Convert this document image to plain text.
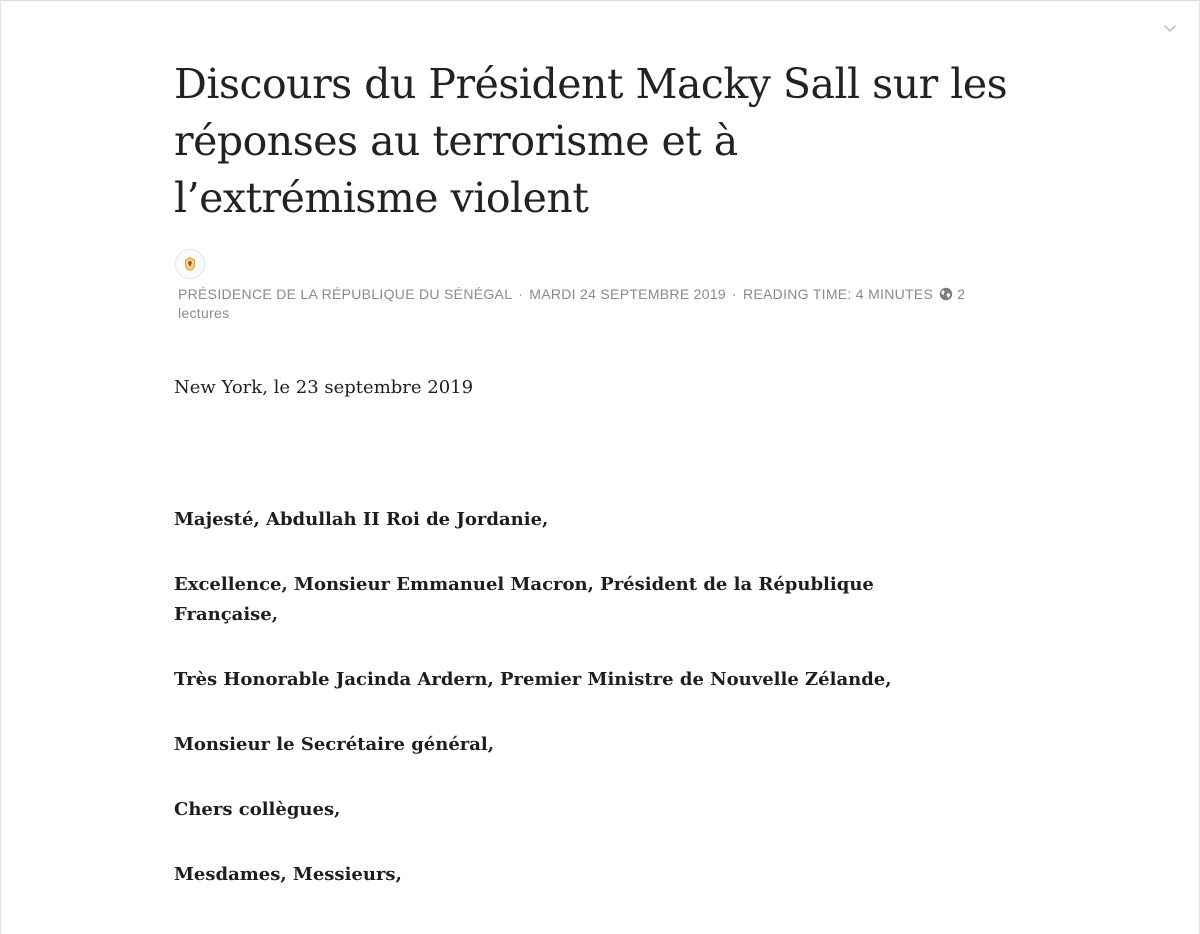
Discours du Président Macky Sall sur les réponses au terrorisme et à l’extrémisme violent
PRÉSIDENCE DE LA RÉPUBLIQUE DU SÉNÉGAL · MARDI 24 SEPTEMBRE 2019 · READING TIME: 4 MINUTES 2
lectures

New York, le 23 septembre 2019

Majesté, Abdullah II Roi de Jordanie,

Excellence, Monsieur Emmanuel Macron, Président de la République Française,

Très Honorable Jacinda Ardern, Premier Ministre de Nouvelle Zélande,

Monsieur le Secrétaire général,

Chers collègues,

Mesdames, Messieurs,
